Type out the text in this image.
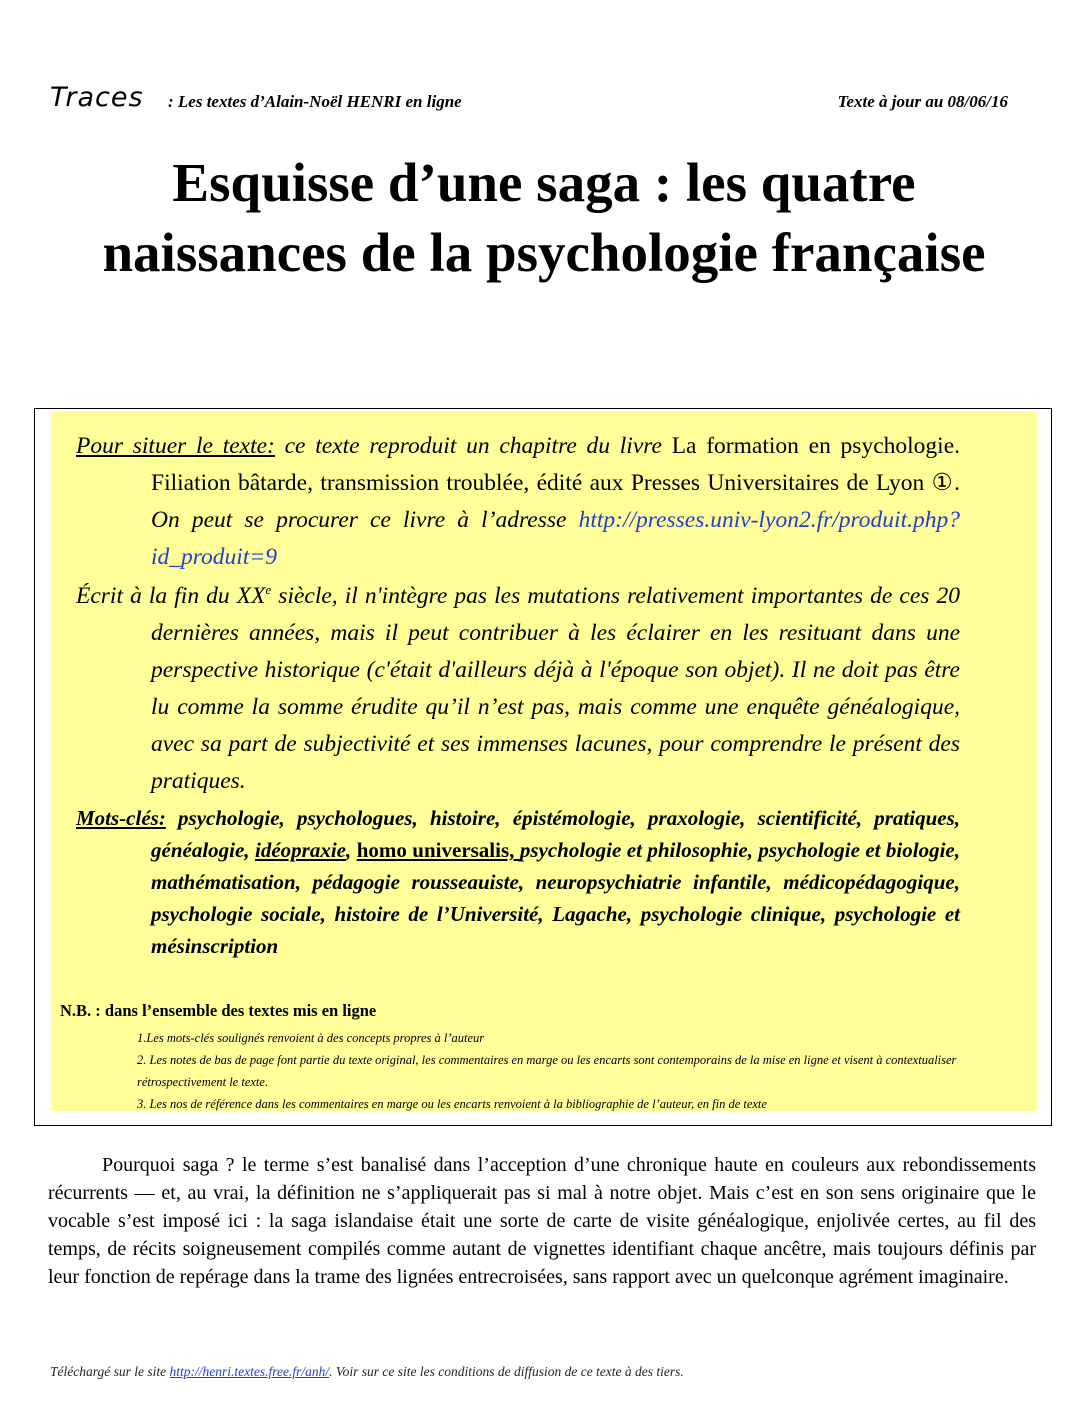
Traces : Les textes d’Alain-Noël HENRI en ligne	Texte à jour au 08/06/16
Esquisse d’une saga : les quatre naissances de la psychologie française

Pour situer le texte: ce texte reproduit un chapitre du livre La formation en psychologie. Filiation bâtarde, transmission troublée, édité aux Presses Universitaires de Lyon ①. On peut se procurer ce livre à l’adresse http://presses.univ-lyon2.fr/produit.php?id_produit=9

Écrit à la fin du XXe siècle, il n'intègre pas les mutations relativement importantes de ces 20 dernières années, mais il peut contribuer à les éclairer en les resituant dans une perspective historique (c'était d'ailleurs déjà à l'époque son objet). Il ne doit pas être lu comme la somme érudite qu’il n’est pas, mais comme une enquête généalogique, avec sa part de subjectivité et ses immenses lacunes, pour comprendre le présent des pratiques.

Mots-clés: psychologie, psychologues, histoire, épistémologie, praxologie, scientificité, pratiques, généalogie, idéopraxie, homo universalis, psychologie et philosophie, psychologie et biologie, mathématisation, pédagogie rousseauiste, neuropsychiatrie infantile, médicopédagogique, psychologie sociale, histoire de l’Université, Lagache, psychologie clinique, psychologie et mésinscription

N.B. : dans l’ensemble des textes mis en ligne
1.Les mots-clés soulignés renvoient à des concepts propres à l’auteur
2. Les notes de bas de page font partie du texte original, les commentaires en marge ou les encarts sont contemporains de la mise en ligne et visent à contextualiser rétrospectivement le texte.
3. Les nos de référence dans les commentaires en marge ou les encarts renvoient à la bibliographie de l’auteur, en fin de texte

Pourquoi saga ? le terme s’est banalisé dans l’acception d’une chronique haute en couleurs aux rebondissements récurrents — et, au vrai, la définition ne s’appliquerait pas si mal à notre objet. Mais c’est en son sens originaire que le vocable s’est imposé ici : la saga islandaise était une sorte de carte de visite généalogique, enjolivée certes, au fil des temps, de récits soigneusement compilés comme autant de vignettes identifiant chaque ancêtre, mais toujours définis par leur fonction de repérage dans la trame des lignées entrecroisées, sans rapport avec un quelconque agrément imaginaire.

Téléchargé sur le site http://henri.textes.free.fr/anh/. Voir sur ce site les conditions de diffusion de ce texte à des tiers.
